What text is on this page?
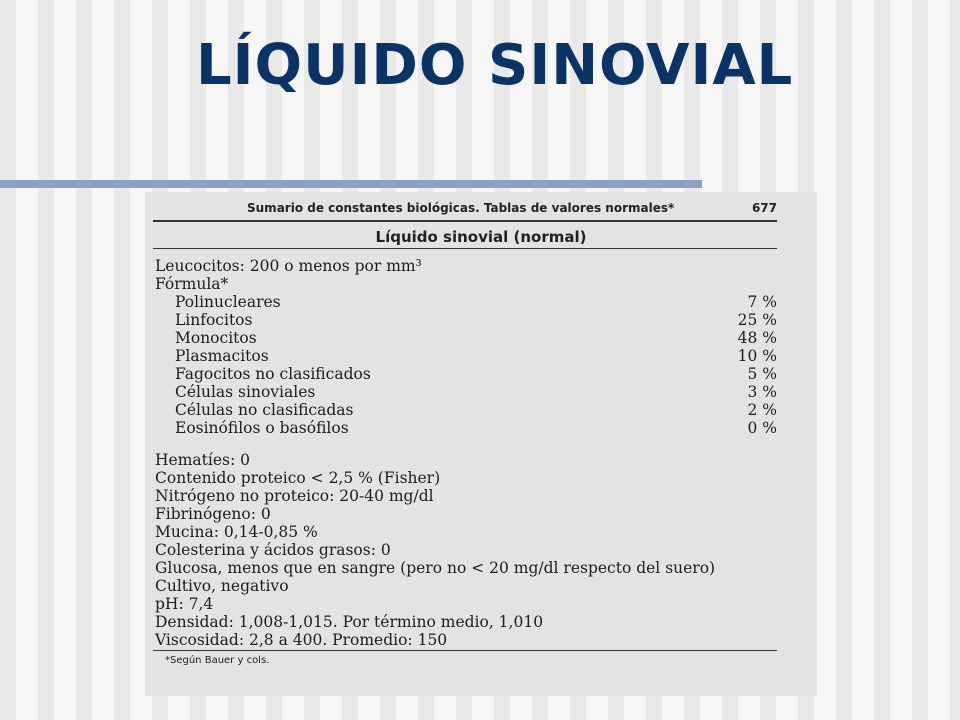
LÍQUIDO SINOVIAL
Sumario de constantes biológicas. Tablas de valores normales*	677
Líquido sinovial (normal)
Leucocitos: 200 o menos por mm³
Fórmula*
Polinucleares	7 %
Linfocitos	25 %
Monocitos	48 %
Plasmacitos	10 %
Fagocitos no clasificados	5 %
Células sinoviales	3 %
Células no clasificadas	2 %
Eosinófilos o basófilos	0 %
Hematíes: 0
Contenido proteico < 2,5 % (Fisher)
Nitrógeno no proteico: 20-40 mg/dl
Fibrinógeno: 0
Mucina: 0,14-0,85 %
Colesterina y ácidos grasos: 0
Glucosa, menos que en sangre (pero no < 20 mg/dl respecto del suero)
Cultivo, negativo
pH: 7,4
Densidad: 1,008-1,015. Por término medio, 1,010
Viscosidad: 2,8 a 400. Promedio: 150
*Según Bauer y cols.
